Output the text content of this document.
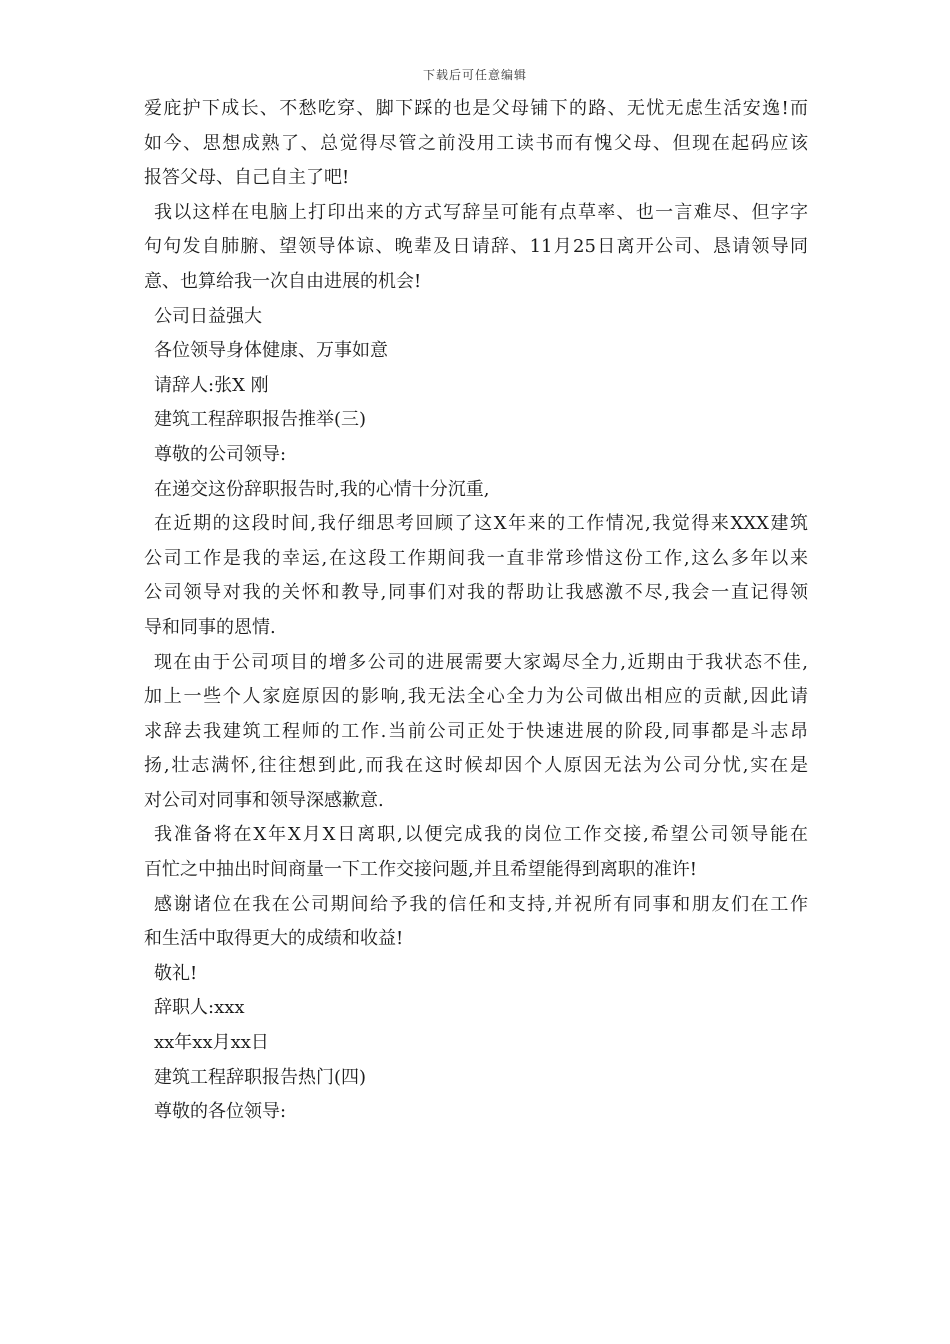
下载后可任意编辑
爱庇护下成长、不愁吃穿、脚下踩的也是父母铺下的路、无忧无虑生活安逸!而
如今、思想成熟了、总觉得尽管之前没用工读书而有愧父母、但现在起码应该
报答父母、自己自主了吧!
我以这样在电脑上打印出来的方式写辞呈可能有点草率、也一言难尽、但字字
句句发自肺腑、望领导体谅、晚辈及日请辞、11月25日离开公司、恳请领导同
意、也算给我一次自由进展的机会!
公司日益强大
各位领导身体健康、万事如意
请辞人:张X 刚
建筑工程辞职报告推举(三)
尊敬的公司领导:
在递交这份辞职报告时,我的心情十分沉重,
在近期的这段时间,我仔细思考回顾了这X年来的工作情况,我觉得来XXX建筑
公司工作是我的幸运,在这段工作期间我一直非常珍惜这份工作,这么多年以来
公司领导对我的关怀和教导,同事们对我的帮助让我感激不尽,我会一直记得领
导和同事的恩情.
现在由于公司项目的增多公司的进展需要大家竭尽全力,近期由于我状态不佳,
加上一些个人家庭原因的影响,我无法全心全力为公司做出相应的贡献,因此请
求辞去我建筑工程师的工作.当前公司正处于快速进展的阶段,同事都是斗志昂
扬,壮志满怀,往往想到此,而我在这时候却因个人原因无法为公司分忧,实在是
对公司对同事和领导深感歉意.
我准备将在X年X月X日离职,以便完成我的岗位工作交接,希望公司领导能在
百忙之中抽出时间商量一下工作交接问题,并且希望能得到离职的准许!
感谢诸位在我在公司期间给予我的信任和支持,并祝所有同事和朋友们在工作
和生活中取得更大的成绩和收益!
敬礼!
辞职人:xxx
xx年xx月xx日
建筑工程辞职报告热门(四)
尊敬的各位领导:
